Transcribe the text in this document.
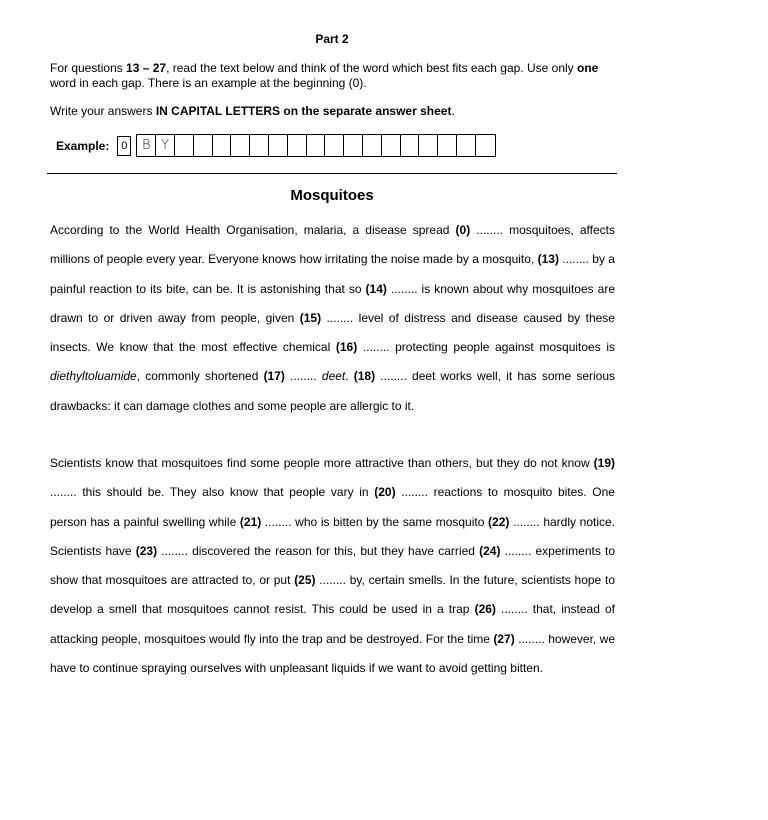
Part 2
For questions 13 – 27, read the text below and think of the word which best fits each gap. Use only one word in each gap. There is an example at the beginning (0).
Write your answers IN CAPITAL LETTERS on the separate answer sheet.
Example:	0	B Y
Mosquitoes
According to the World Health Organisation, malaria, a disease spread (0) ........ mosquitoes, affects millions of people every year. Everyone knows how irritating the noise made by a mosquito, (13) ........ by a painful reaction to its bite, can be. It is astonishing that so (14) ........ is known about why mosquitoes are drawn to or driven away from people, given (15) ........ level of distress and disease caused by these insects. We know that the most effective chemical (16) ........ protecting people against mosquitoes is diethyltoluamide, commonly shortened (17) ........ deet. (18) ........ deet works well, it has some serious drawbacks: it can damage clothes and some people are allergic to it.
Scientists know that mosquitoes find some people more attractive than others, but they do not know (19) ........ this should be. They also know that people vary in (20) ........ reactions to mosquito bites. One person has a painful swelling while (21) ........ who is bitten by the same mosquito (22) ........ hardly notice. Scientists have (23) ........ discovered the reason for this, but they have carried (24) ........ experiments to show that mosquitoes are attracted to, or put (25) ........ by, certain smells. In the future, scientists hope to develop a smell that mosquitoes cannot resist. This could be used in a trap (26) ........ that, instead of attacking people, mosquitoes would fly into the trap and be destroyed. For the time (27) ........ however, we have to continue spraying ourselves with unpleasant liquids if we want to avoid getting bitten.
